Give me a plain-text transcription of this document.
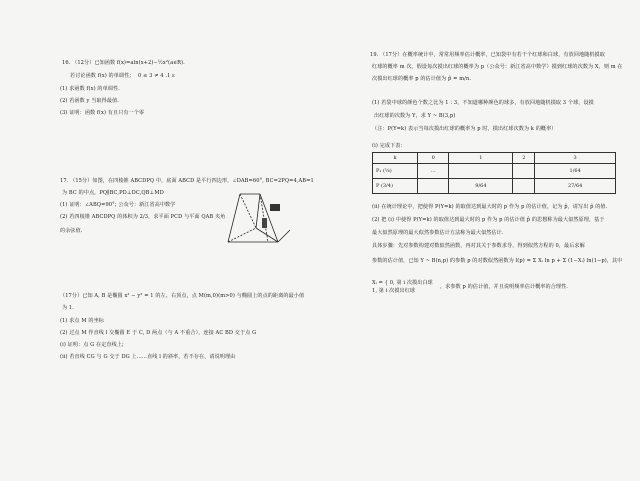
16. （12分）已知函数 f(x)=aln(x+2)−½x²(a∈R).
若讨论函数 f(x) 的单调性; 0 ≤ 3 ≠ 4 .1 ε
(1) 求函数 f(x) 的单调性.
(2) 若函数 y 当取得最值.
(3) 证明：函数 f(x) 有且只有一个零
17. （15分）如图，在四棱锥 ABCDPQ 中，底面 ABCD 是平行四边形，∠DAB=60°, BC=2PQ=4,AB=1
为 BC 的中点，PQ∥BC,PD⊥DC,QB⊥MD
(1) 证明：∠ABQ=90°; 公众号：新江省高中数学
(2) 若四棱锥 ABCDPQ 的体积为 2/3，求平面 PCD 与平面 QAB 夹角
的余弦值.
（17分）已知 A, B 是椭圆 x² − y² = 1 的左、右顶点，点 M(m,0)(m>0) 与椭圆上的点的距离的最小值
为 1.
(1) 求点 M 的坐标
(2) 过点 M 作直线 l 交椭圆 E 于 C, D 两点（与 A 不重合），连接 AC BD 交于点 G
(i) 证明：点 G 在定直线上;
(ii) 若直线 CG 与 G 交于 DG 上……直线 l 的斜率，若不存在，请说明理由
19. （17分）在概率统计中，常常用频率估计概率，已知袋中有若干个红球和白球，有放回地随机摸取
红球的概率 m 次，假设每次摸出红球的概率为 p（公众号：新江省高中数学）摸到红球的次数为 X，则 m 在
次摸出红球的概率 p 的估计值为 p̂ = m/n.
(1) 若袋中球的颜色个数之比为 1 : 3，不知道哪种颜色的球多，有放回地随机摸取 3 个球，设摸
出红球的次数为 Y，求 Y ~ B(3,p)
（注：P(Y=k) 表示当每次摸出红球的概率为 p 时，摸出红球次数为 k 的概率）
(i) 完成下表：
k	0	1	2	3
P₁ (¼)	…			1/64
P (3/4)		9/64		27/64
(ii) 在统计理论中，把使得 P(Y=k) 的取值达到最大时的 p 作为 p 的估计值，记为 p̂，请写出 p̂ 的值.
(2) 把 (i) 中使得 P(Y=k) 的取值达到最大时的 p 作为 p 的估计值 p̂ 的思想称为最大似然原理，基于
最大似然原理的最大似然参数估计方法称为最大似然估计.
具体步骤：先对参数构建对数似然函数，再对其关于参数求导，得到似然方程的 0，最后求解
参数的估计值，已知 Y ~ B(n,p) 的参数 p 的对数似然函数为 l(p) = Σ Xᵢ ln p + Σ (1−Xᵢ) ln(1−p)，其中
Xᵢ = { 0, 第 i 次摸出白球
1, 第 i 次摸出红球
，求参数 p 的估计值，并且说明频率估计概率的合理性.
